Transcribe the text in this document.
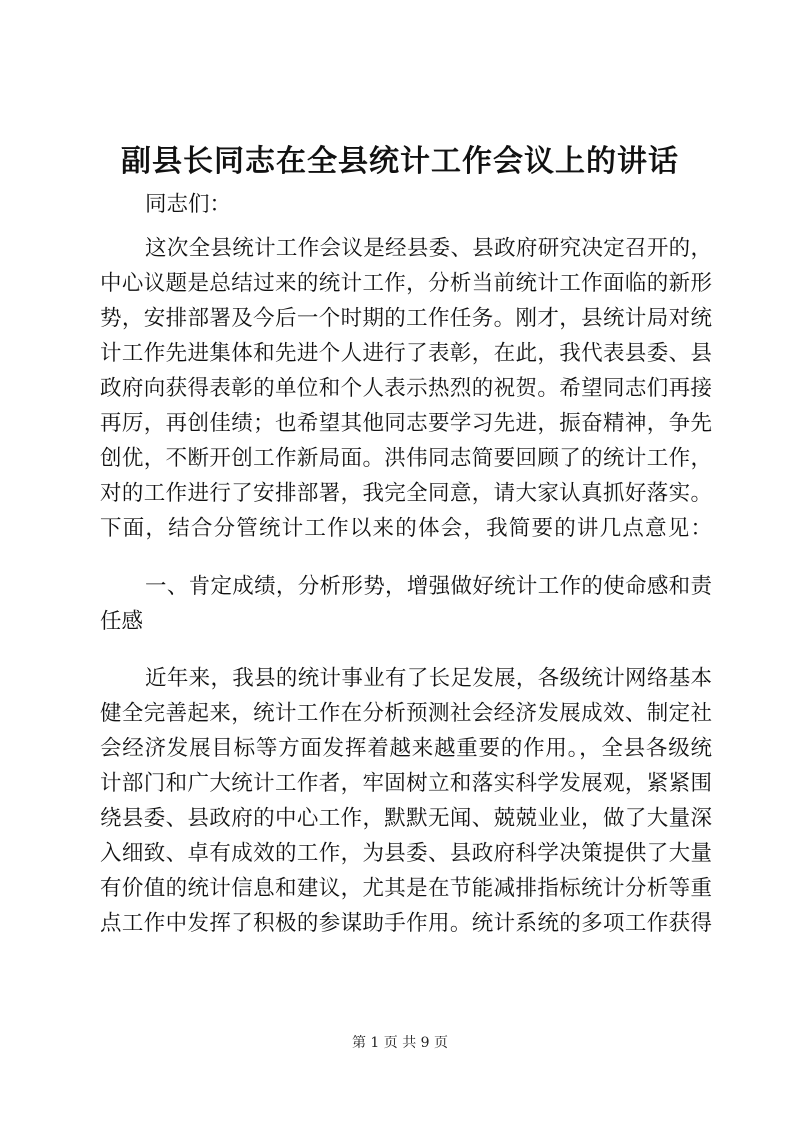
副县长同志在全县统计工作会议上的讲话
同志们：
这次全县统计工作会议是经县委、县政府研究决定召开的，
中心议题是总结过来的统计工作，分析当前统计工作面临的新形
势，安排部署及今后一个时期的工作任务。刚才，县统计局对统
计工作先进集体和先进个人进行了表彰，在此，我代表县委、县
政府向获得表彰的单位和个人表示热烈的祝贺。希望同志们再接
再厉，再创佳绩；也希望其他同志要学习先进，振奋精神，争先
创优，不断开创工作新局面。洪伟同志简要回顾了的统计工作，
对的工作进行了安排部署，我完全同意，请大家认真抓好落实。
下面，结合分管统计工作以来的体会，我简要的讲几点意见：
一、肯定成绩，分析形势，增强做好统计工作的使命感和责
任感
近年来，我县的统计事业有了长足发展，各级统计网络基本
健全完善起来，统计工作在分析预测社会经济发展成效、制定社
会经济发展目标等方面发挥着越来越重要的作用。，全县各级统
计部门和广大统计工作者，牢固树立和落实科学发展观，紧紧围
绕县委、县政府的中心工作，默默无闻、兢兢业业，做了大量深
入细致、卓有成效的工作，为县委、县政府科学决策提供了大量
有价值的统计信息和建议，尤其是在节能减排指标统计分析等重
点工作中发挥了积极的参谋助手作用。统计系统的多项工作获得
第 1 页 共 9 页
